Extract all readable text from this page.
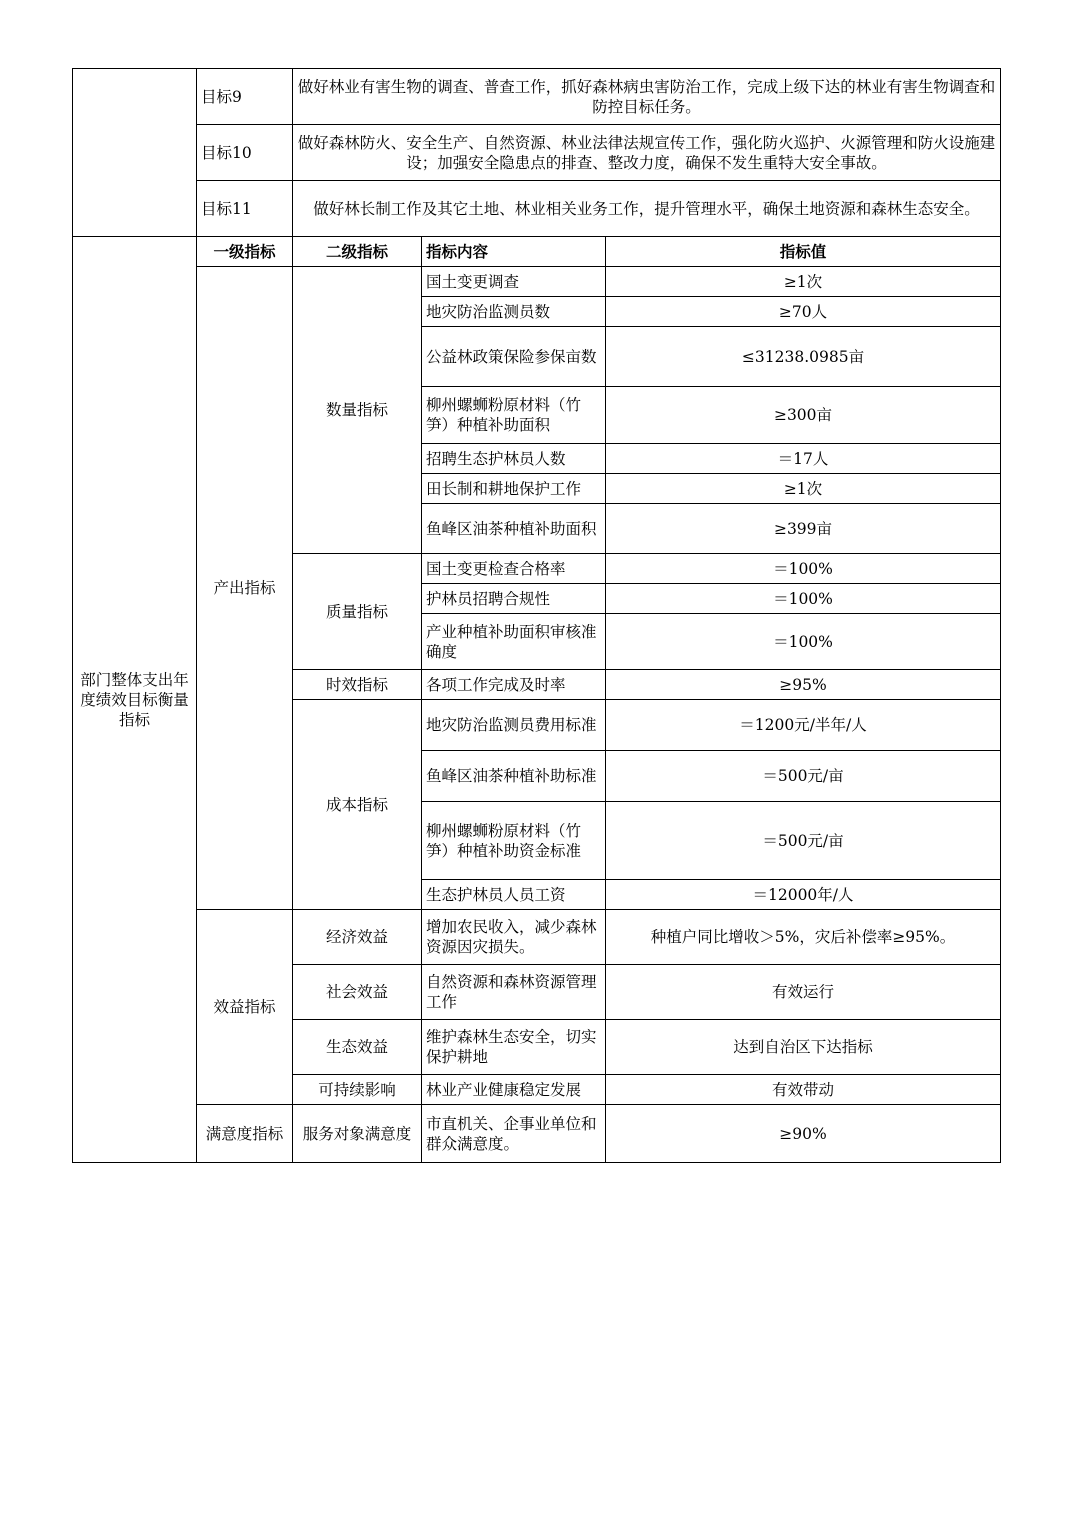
	目标9	做好林业有害生物的调查、普查工作，抓好森林病虫害防治工作，完成上级下达的林业有害生物调查和防控目标任务。		
	目标10	做好森林防火、安全生产、自然资源、林业法律法规宣传工作，强化防火巡护、火源管理和防火设施建设；加强安全隐患点的排查、整改力度，确保不发生重特大安全事故。		
	目标11	做好林长制工作及其它土地、林业相关业务工作，提升管理水平，确保土地资源和森林生态安全。		
部门整体支出年度绩效目标衡量指标	一级指标	二级指标	指标内容	指标值
	产出指标	数量指标	国土变更调查	≥1次
			地灾防治监测员数	≥70人
			公益林政策保险参保亩数	≤31238.0985亩
			柳州螺蛳粉原材料（竹笋）种植补助面积	≥300亩
			招聘生态护林员人数	＝17人
			田长制和耕地保护工作	≥1次
			鱼峰区油茶种植补助面积	≥399亩
		质量指标	国土变更检查合格率	＝100%
			护林员招聘合规性	＝100%
			产业种植补助面积审核准确度	＝100%
		时效指标	各项工作完成及时率	≥95%
		成本指标	地灾防治监测员费用标准	＝1200元/半年/人
			鱼峰区油茶种植补助标准	＝500元/亩
			柳州螺蛳粉原材料（竹笋）种植补助资金标准	＝500元/亩
			生态护林员人员工资	＝12000年/人
	效益指标	经济效益	增加农民收入，减少森林资源因灾损失。	种植户同比增收＞5%，灾后补偿率≥95%。
		社会效益	自然资源和森林资源管理工作	有效运行
		生态效益	维护森林生态安全，切实保护耕地	达到自治区下达指标
		可持续影响	林业产业健康稳定发展	有效带动
	满意度指标	服务对象满意度	市直机关、企事业单位和群众满意度。	≥90%
